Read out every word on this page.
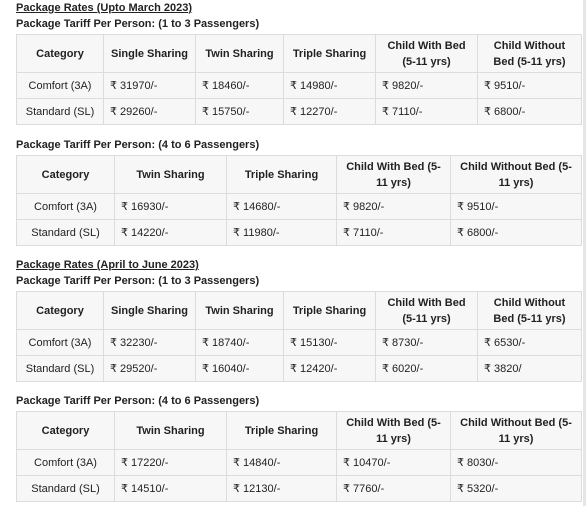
Package Rates (Upto March 2023)
Package Tariff Per Person: (1 to 3 Passengers)
Category	Single Sharing	Twin Sharing	Triple Sharing	Child With Bed (5-11 yrs)	Child Without Bed (5-11 yrs)
Comfort (3A)	₹ 31970/-	₹ 18460/-	₹ 14980/-	₹ 9820/-	₹ 9510/-
Standard (SL)	₹ 29260/-	₹ 15750/-	₹ 12270/-	₹ 7110/-	₹ 6800/-
Package Tariff Per Person: (4 to 6 Passengers)
Category	Twin Sharing	Triple Sharing	Child With Bed (5-11 yrs)	Child Without Bed (5-11 yrs)
Comfort (3A)	₹ 16930/-	₹ 14680/-	₹ 9820/-	₹ 9510/-
Standard (SL)	₹ 14220/-	₹ 11980/-	₹ 7110/-	₹ 6800/-
Package Rates (April to June 2023)
Package Tariff Per Person: (1 to 3 Passengers)
Category	Single Sharing	Twin Sharing	Triple Sharing	Child With Bed (5-11 yrs)	Child Without Bed (5-11 yrs)
Comfort (3A)	₹ 32230/-	₹ 18740/-	₹ 15130/-	₹ 8730/-	₹ 6530/-
Standard (SL)	₹ 29520/-	₹ 16040/-	₹ 12420/-	₹ 6020/-	₹ 3820/
Package Tariff Per Person: (4 to 6 Passengers)
Category	Twin Sharing	Triple Sharing	Child With Bed (5-11 yrs)	Child Without Bed (5-11 yrs)
Comfort (3A)	₹ 17220/-	₹ 14840/-	₹ 10470/-	₹ 8030/-
Standard (SL)	₹ 14510/-	₹ 12130/-	₹ 7760/-	₹ 5320/-
